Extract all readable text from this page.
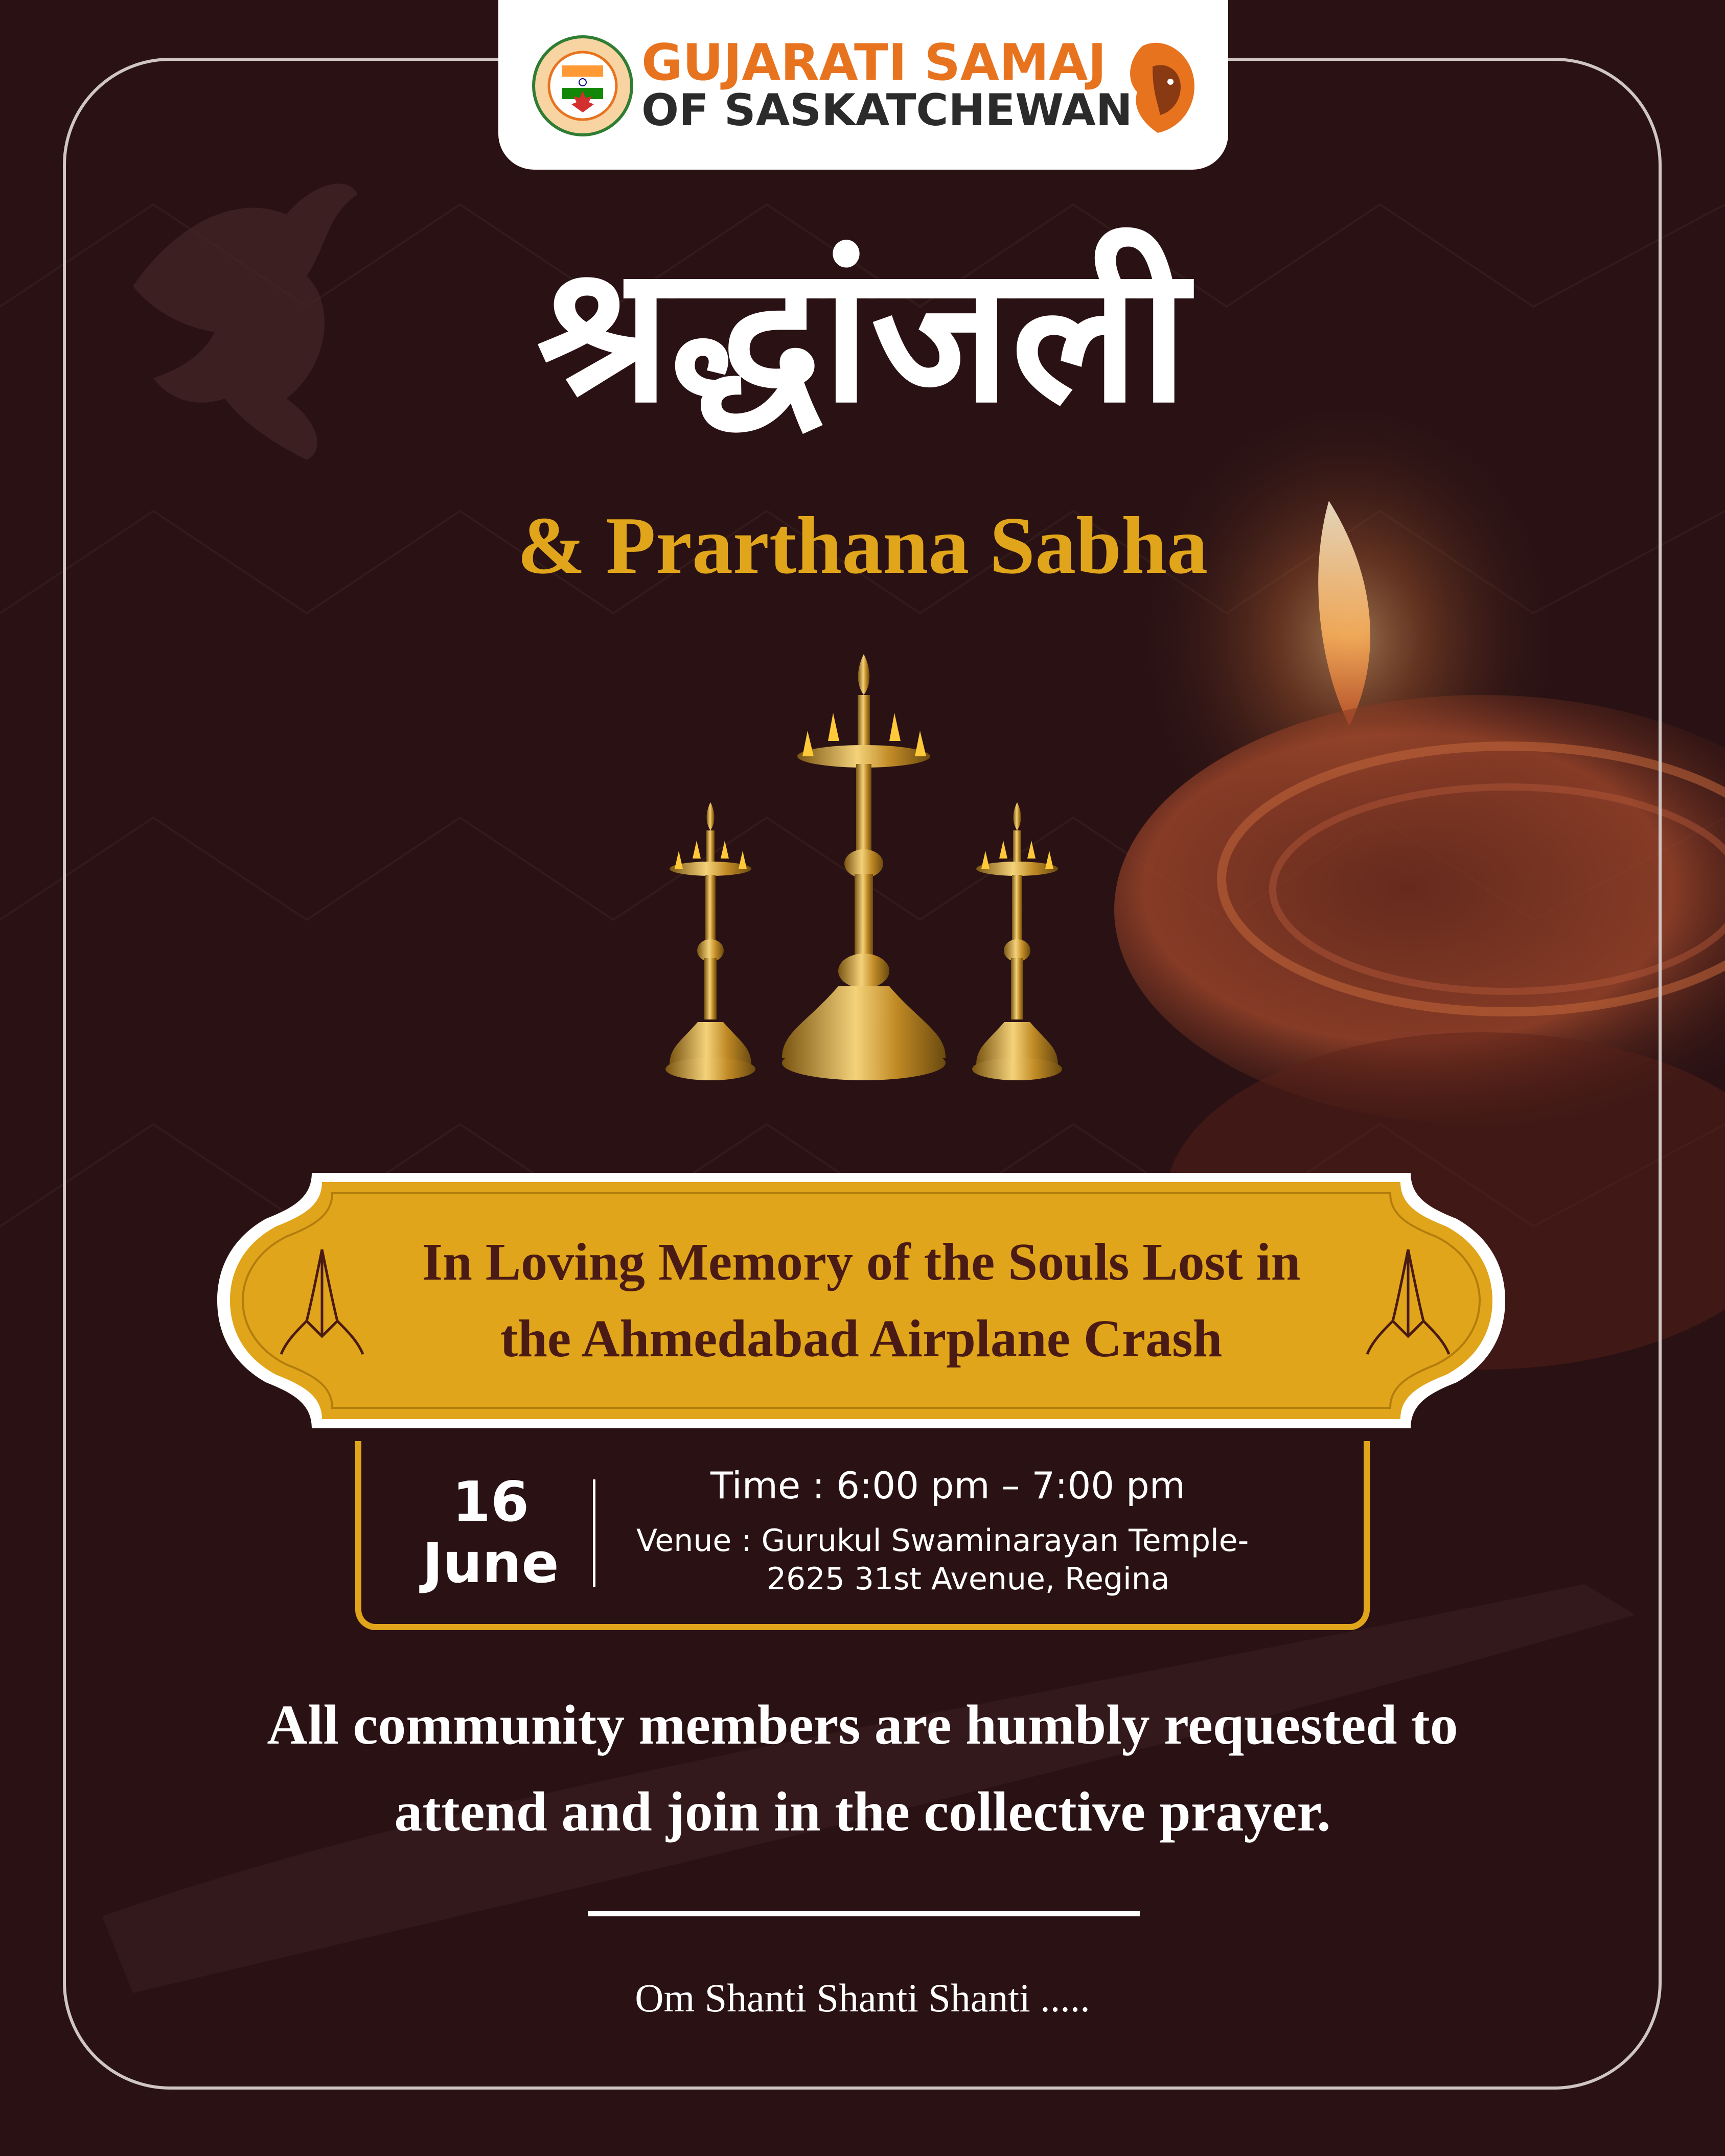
GUJARATI SAMAJ
OF SASKATCHEWAN
श्रद्धांजली
& Prarthana Sabha
In Loving Memory of the Souls Lost in
the Ahmedabad Airplane Crash
16
June
Time : 6:00 pm – 7:00 pm
Venue : Gurukul Swaminarayan Temple-
2625 31st Avenue, Regina
All community members are humbly requested to
attend and join in the collective prayer.
Om Shanti Shanti Shanti .....
